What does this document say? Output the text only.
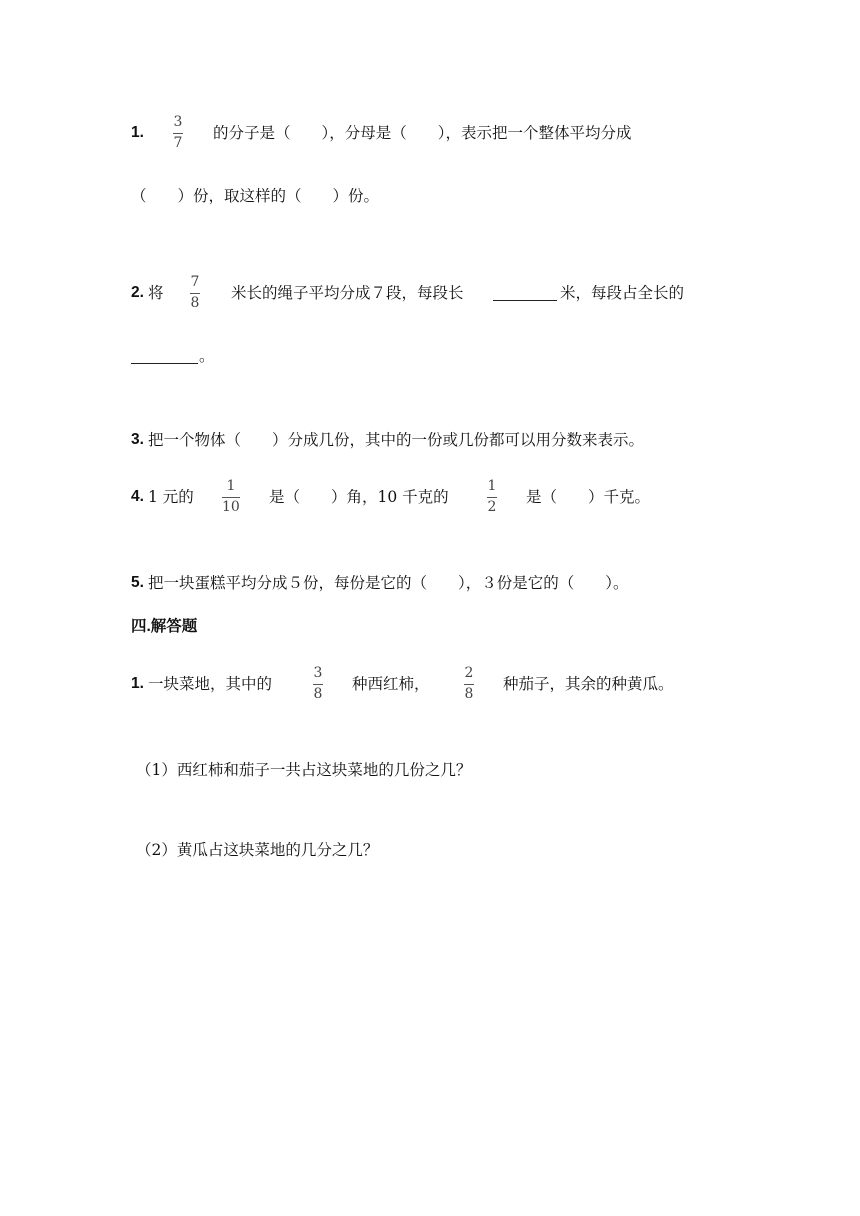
1.
3
7
的分子是（　　），分母是（　　），表示把一个整体平均分成
（　　）份，取这样的（　　）份。
2. 将
7
8
米长的绳子平均分成７段，每段长	米，每段占全长的
。
3. 把一个物体（　　）分成几份，其中的一份或几份都可以用分数来表示。
4. 1 元的
1
10
是（　　）角，10 千克的
1
2
是（　　）千克。
5. 把一块蛋糕平均分成５份，每份是它的（　　），３份是它的（　　）。
四.解答题
1. 一块菜地，其中的
3
8
种西红柿，
2
8
种茄子，其余的种黄瓜。
（1）西红柿和茄子一共占这块菜地的几份之几？
（2）黄瓜占这块菜地的几分之几？
